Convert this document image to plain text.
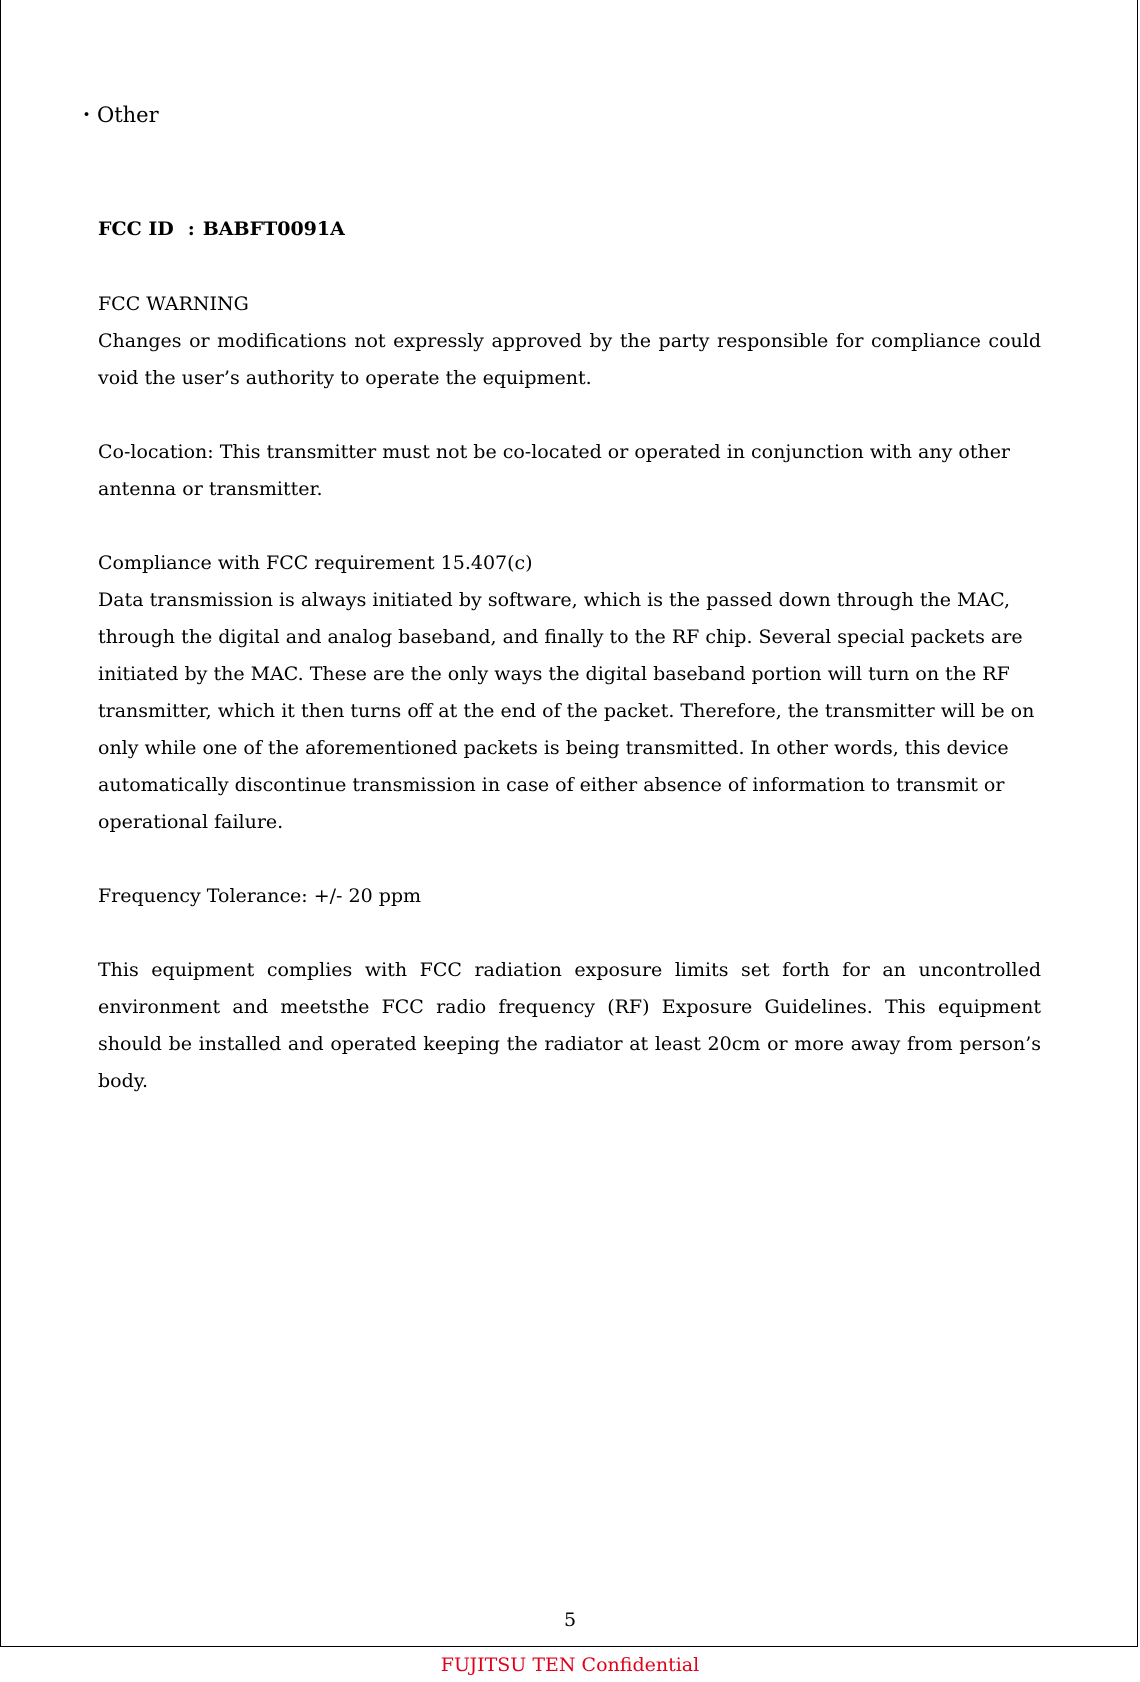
・Other
FCC ID : BABFT0091A

FCC WARNING

Changes or modifications not expressly approved by the party responsible for compliance could void the user’s authority to operate the equipment.

Co-location: This transmitter must not be co-located or operated in conjunction with any other antenna or transmitter.

Compliance with FCC requirement 15.407(c)

Data transmission is always initiated by software, which is the passed down through the MAC, through the digital and analog baseband, and finally to the RF chip. Several special packets are initiated by the MAC. These are the only ways the digital baseband portion will turn on the RF transmitter, which it then turns off at the end of the packet. Therefore, the transmitter will be on only while one of the aforementioned packets is being transmitted. In other words, this device automatically discontinue transmission in case of either absence of information to transmit or operational failure.

Frequency Tolerance: +/- 20 ppm

This equipment complies with FCC radiation exposure limits set forth for an uncontrolled environment and meetsthe FCC radio frequency (RF) Exposure Guidelines. This equipment should be installed and operated keeping the radiator at least 20cm or more away from person’s body.

5
FUJITSU TEN Confidential
